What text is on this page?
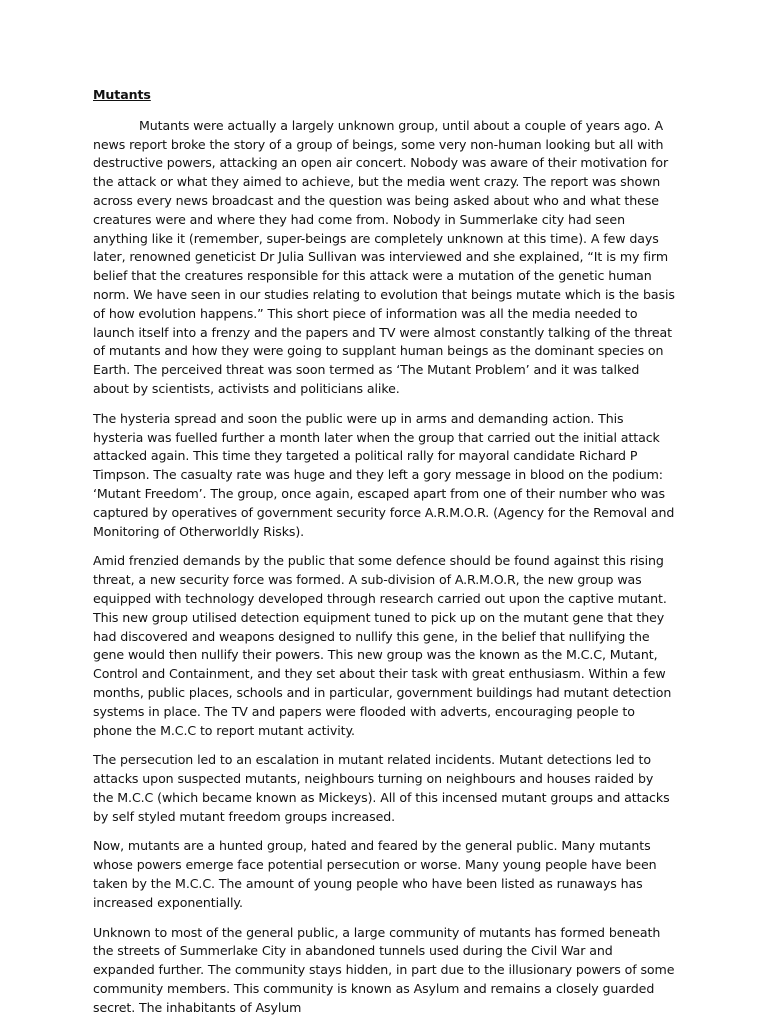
Mutants

Mutants were actually a largely unknown group, until about a couple of years ago. A news report broke the story of a group of beings, some very non-human looking but all with destructive powers, attacking an open air concert. Nobody was aware of their motivation for the attack or what they aimed to achieve, but the media went crazy. The report was shown across every news broadcast and the question was being asked about who and what these creatures were and where they had come from. Nobody in Summerlake city had seen anything like it (remember, super-beings are completely unknown at this time). A few days later, renowned geneticist Dr Julia Sullivan was interviewed and she explained, “It is my firm belief that the creatures responsible for this attack were a mutation of the genetic human norm. We have seen in our studies relating to evolution that beings mutate which is the basis of how evolution happens.” This short piece of information was all the media needed to launch itself into a frenzy and the papers and TV were almost constantly talking of the threat of mutants and how they were going to supplant human beings as the dominant species on Earth. The perceived threat was soon termed as ‘The Mutant Problem’ and it was talked about by scientists, activists and politicians alike.

The hysteria spread and soon the public were up in arms and demanding action. This hysteria was fuelled further a month later when the group that carried out the initial attack attacked again. This time they targeted a political rally for mayoral candidate Richard P Timpson. The casualty rate was huge and they left a gory message in blood on the podium: ‘Mutant Freedom’. The group, once again, escaped apart from one of their number who was captured by operatives of government security force A.R.M.O.R. (Agency for the Removal and Monitoring of Otherworldly Risks).

Amid frenzied demands by the public that some defence should be found against this rising threat, a new security force was formed. A sub-division of A.R.M.O.R, the new group was equipped with technology developed through research carried out upon the captive mutant. This new group utilised detection equipment tuned to pick up on the mutant gene that they had discovered and weapons designed to nullify this gene, in the belief that nullifying the gene would then nullify their powers. This new group was the known as the M.C.C, Mutant, Control and Containment, and they set about their task with great enthusiasm. Within a few months, public places, schools and in particular, government buildings had mutant detection systems in place. The TV and papers were flooded with adverts, encouraging people to phone the M.C.C to report mutant activity.

The persecution led to an escalation in mutant related incidents. Mutant detections led to attacks upon suspected mutants, neighbours turning on neighbours and houses raided by the M.C.C (which became known as Mickeys). All of this incensed mutant groups and attacks by self styled mutant freedom groups increased.

Now, mutants are a hunted group, hated and feared by the general public. Many mutants whose powers emerge face potential persecution or worse. Many young people have been taken by the M.C.C. The amount of young people who have been listed as runaways has increased exponentially.

Unknown to most of the general public, a large community of mutants has formed beneath the streets of Summerlake City in abandoned tunnels used during the Civil War and expanded further. The community stays hidden, in part due to the illusionary powers of some community members. This community is known as Asylum and remains a closely guarded secret. The inhabitants of Asylum
